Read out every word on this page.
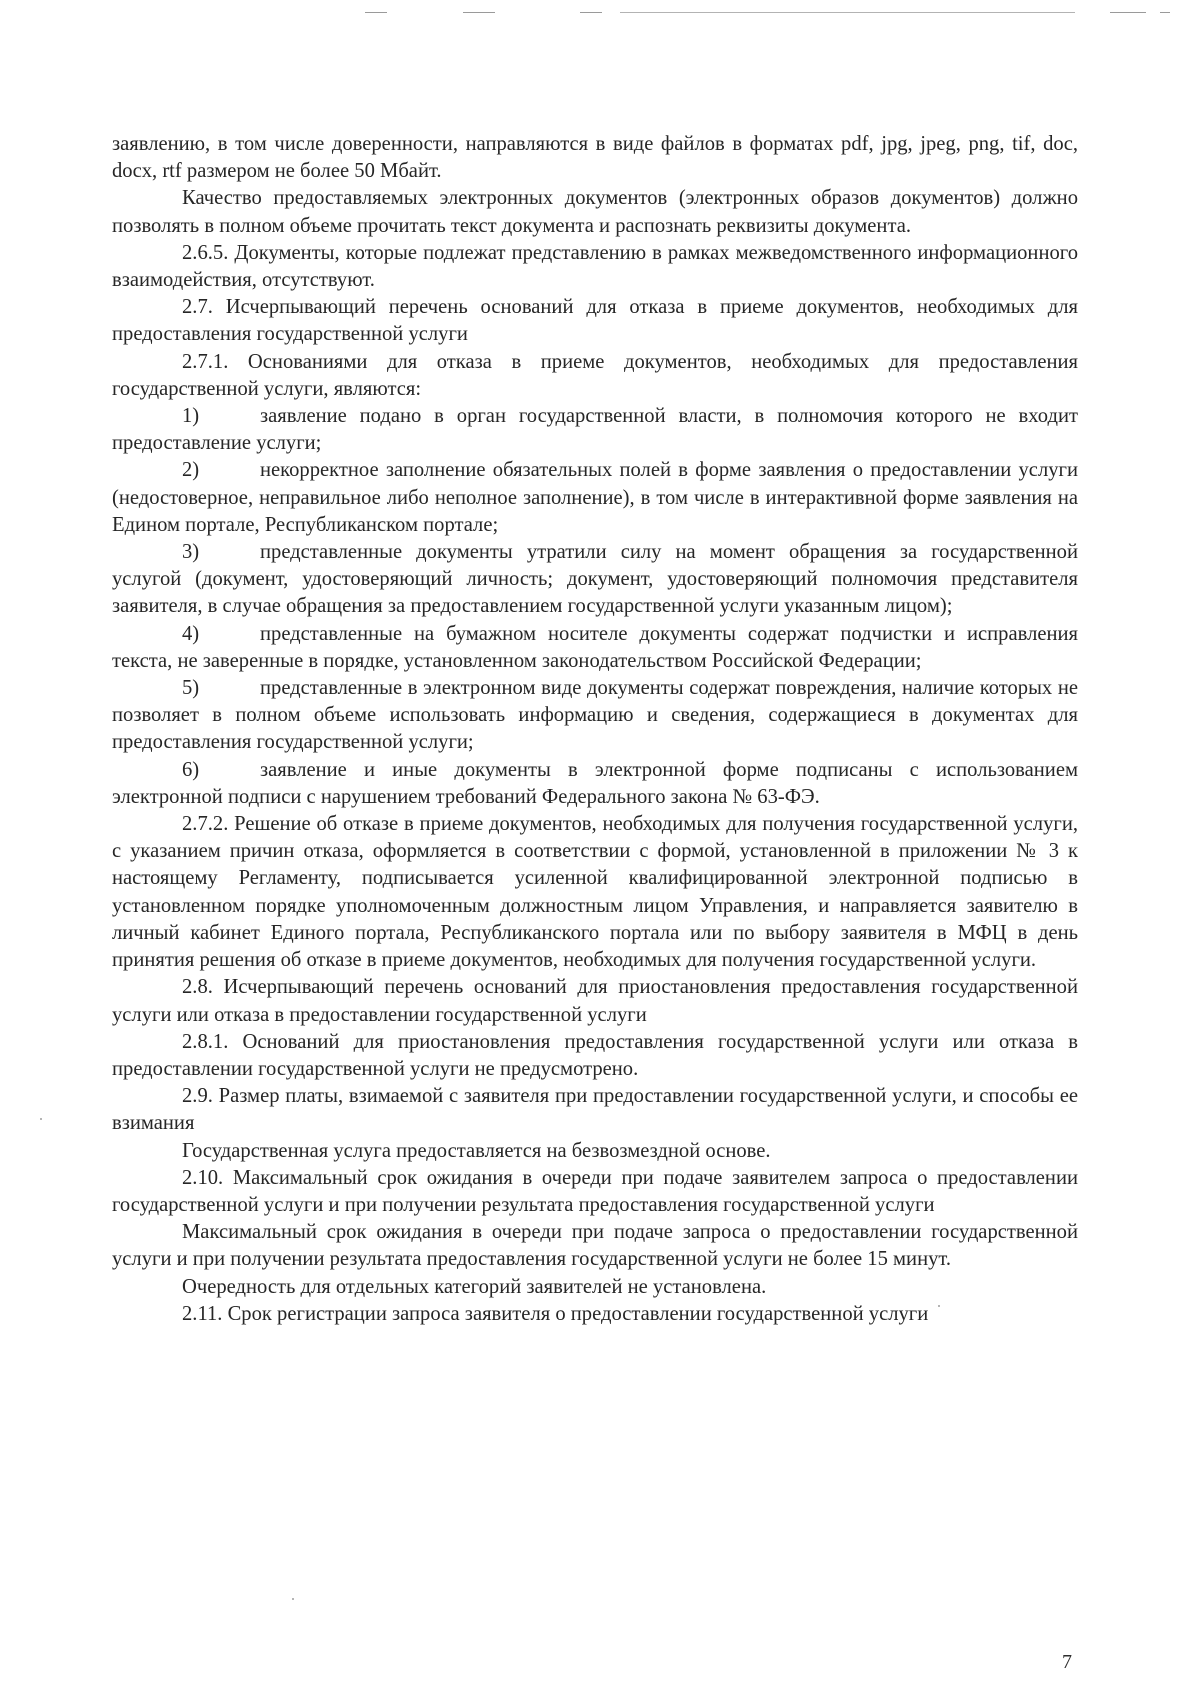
заявлению, в том числе доверенности, направляются в виде файлов в форматах pdf, jpg, jpeg, png, tif, doc, docx, rtf размером не более 50 Мбайт.

Качество предоставляемых электронных документов (электронных образов документов) должно позволять в полном объеме прочитать текст документа и распознать реквизиты документа.

2.6.5. Документы, которые подлежат представлению в рамках межведомственного информационного взаимодействия, отсутствуют.

2.7. Исчерпывающий перечень оснований для отказа в приеме документов, необходимых для предоставления государственной услуги

2.7.1. Основаниями для отказа в приеме документов, необходимых для предоставления государственной услуги, являются:

1)	заявление подано в орган государственной власти, в полномочия которого не входит предоставление услуги;

2)	некорректное заполнение обязательных полей в форме заявления о предоставлении услуги (недостоверное, неправильное либо неполное заполнение), в том числе в интерактивной форме заявления на Едином портале, Республиканском портале;

3)	представленные документы утратили силу на момент обращения за государственной услугой (документ, удостоверяющий личность; документ, удостоверяющий полномочия представителя заявителя, в случае обращения за предоставлением государственной услуги указанным лицом);

4)	представленные на бумажном носителе документы содержат подчистки и исправления текста, не заверенные в порядке, установленном законодательством Российской Федерации;

5)	представленные в электронном виде документы содержат повреждения, наличие которых не позволяет в полном объеме использовать информацию и сведения, содержащиеся в документах для предоставления государственной услуги;

6)	заявление и иные документы в электронной форме подписаны с использованием электронной подписи с нарушением требований Федерального закона № 63-ФЭ.

2.7.2. Решение об отказе в приеме документов, необходимых для получения государственной услуги, с указанием причин отказа, оформляется в соответствии с формой, установленной в приложении № 3 к настоящему Регламенту, подписывается усиленной квалифицированной электронной подписью в установленном порядке уполномоченным должностным лицом Управления, и направляется заявителю в личный кабинет Единого портала, Республиканского портала или по выбору заявителя в МФЦ в день принятия решения об отказе в приеме документов, необходимых для получения государственной услуги.

2.8. Исчерпывающий перечень оснований для приостановления предоставления государственной услуги или отказа в предоставлении государственной услуги

2.8.1. Оснований для приостановления предоставления государственной услуги или отказа в предоставлении государственной услуги не предусмотрено.

2.9. Размер платы, взимаемой с заявителя при предоставлении государственной услуги, и способы ее взимания

Государственная услуга предоставляется на безвозмездной основе.

2.10. Максимальный срок ожидания в очереди при подаче заявителем запроса о предоставлении государственной услуги и при получении результата предоставления государственной услуги

Максимальный срок ожидания в очереди при подаче запроса о предоставлении государственной услуги и при получении результата предоставления государственной услуги не более 15 минут.

Очередность для отдельных категорий заявителей не установлена.

2.11. Срок регистрации запроса заявителя о предоставлении государственной услуги

7
